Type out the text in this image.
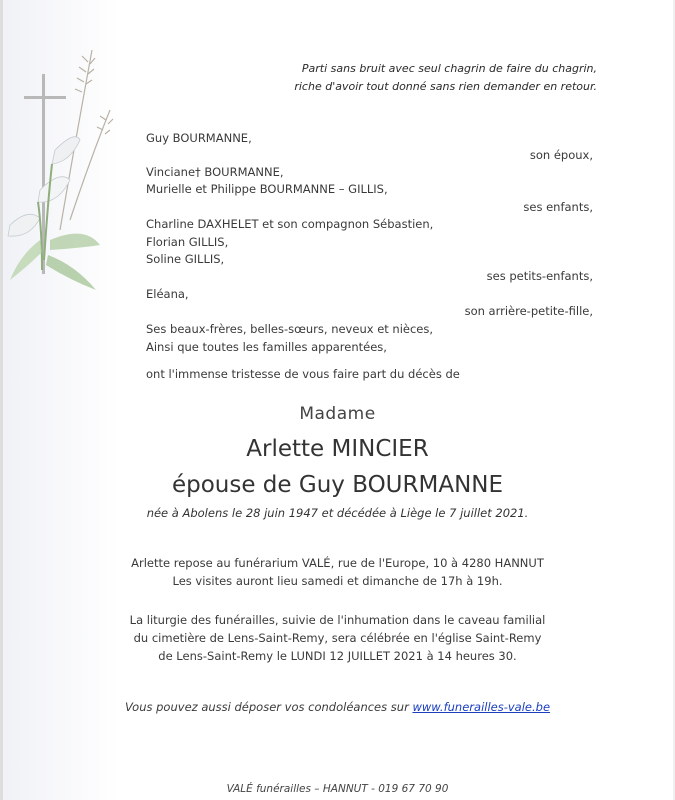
Parti sans bruit avec seul chagrin de faire du chagrin,
riche d'avoir tout donné sans rien demander en retour.
Guy BOURMANNE,
son époux,
Vinciane† BOURMANNE,
Murielle et Philippe BOURMANNE – GILLIS,
ses enfants,
Charline DAXHELET et son compagnon Sébastien,
Florian GILLIS,
Soline GILLIS,
ses petits-enfants,
Eléana,
son arrière-petite-fille,
Ses beaux-frères, belles-sœurs, neveux et nièces,
Ainsi que toutes les familles apparentées,
ont l'immense tristesse de vous faire part du décès de
Madame
Arlette MINCIER
épouse de Guy BOURMANNE
née à Abolens le 28 juin 1947 et décédée à Liège le 7 juillet 2021.
Arlette repose au funérarium VALÉ, rue de l'Europe, 10 à 4280 HANNUT
Les visites auront lieu samedi et dimanche de 17h à 19h.
La liturgie des funérailles, suivie de l'inhumation dans le caveau familial
du cimetière de Lens-Saint-Remy, sera célébrée en l'église Saint-Remy
de Lens-Saint-Remy le LUNDI 12 JUILLET 2021 à 14 heures 30.
Vous pouvez aussi déposer vos condoléances sur www.funerailles-vale.be
VALÉ funérailles – HANNUT - 019 67 70 90
